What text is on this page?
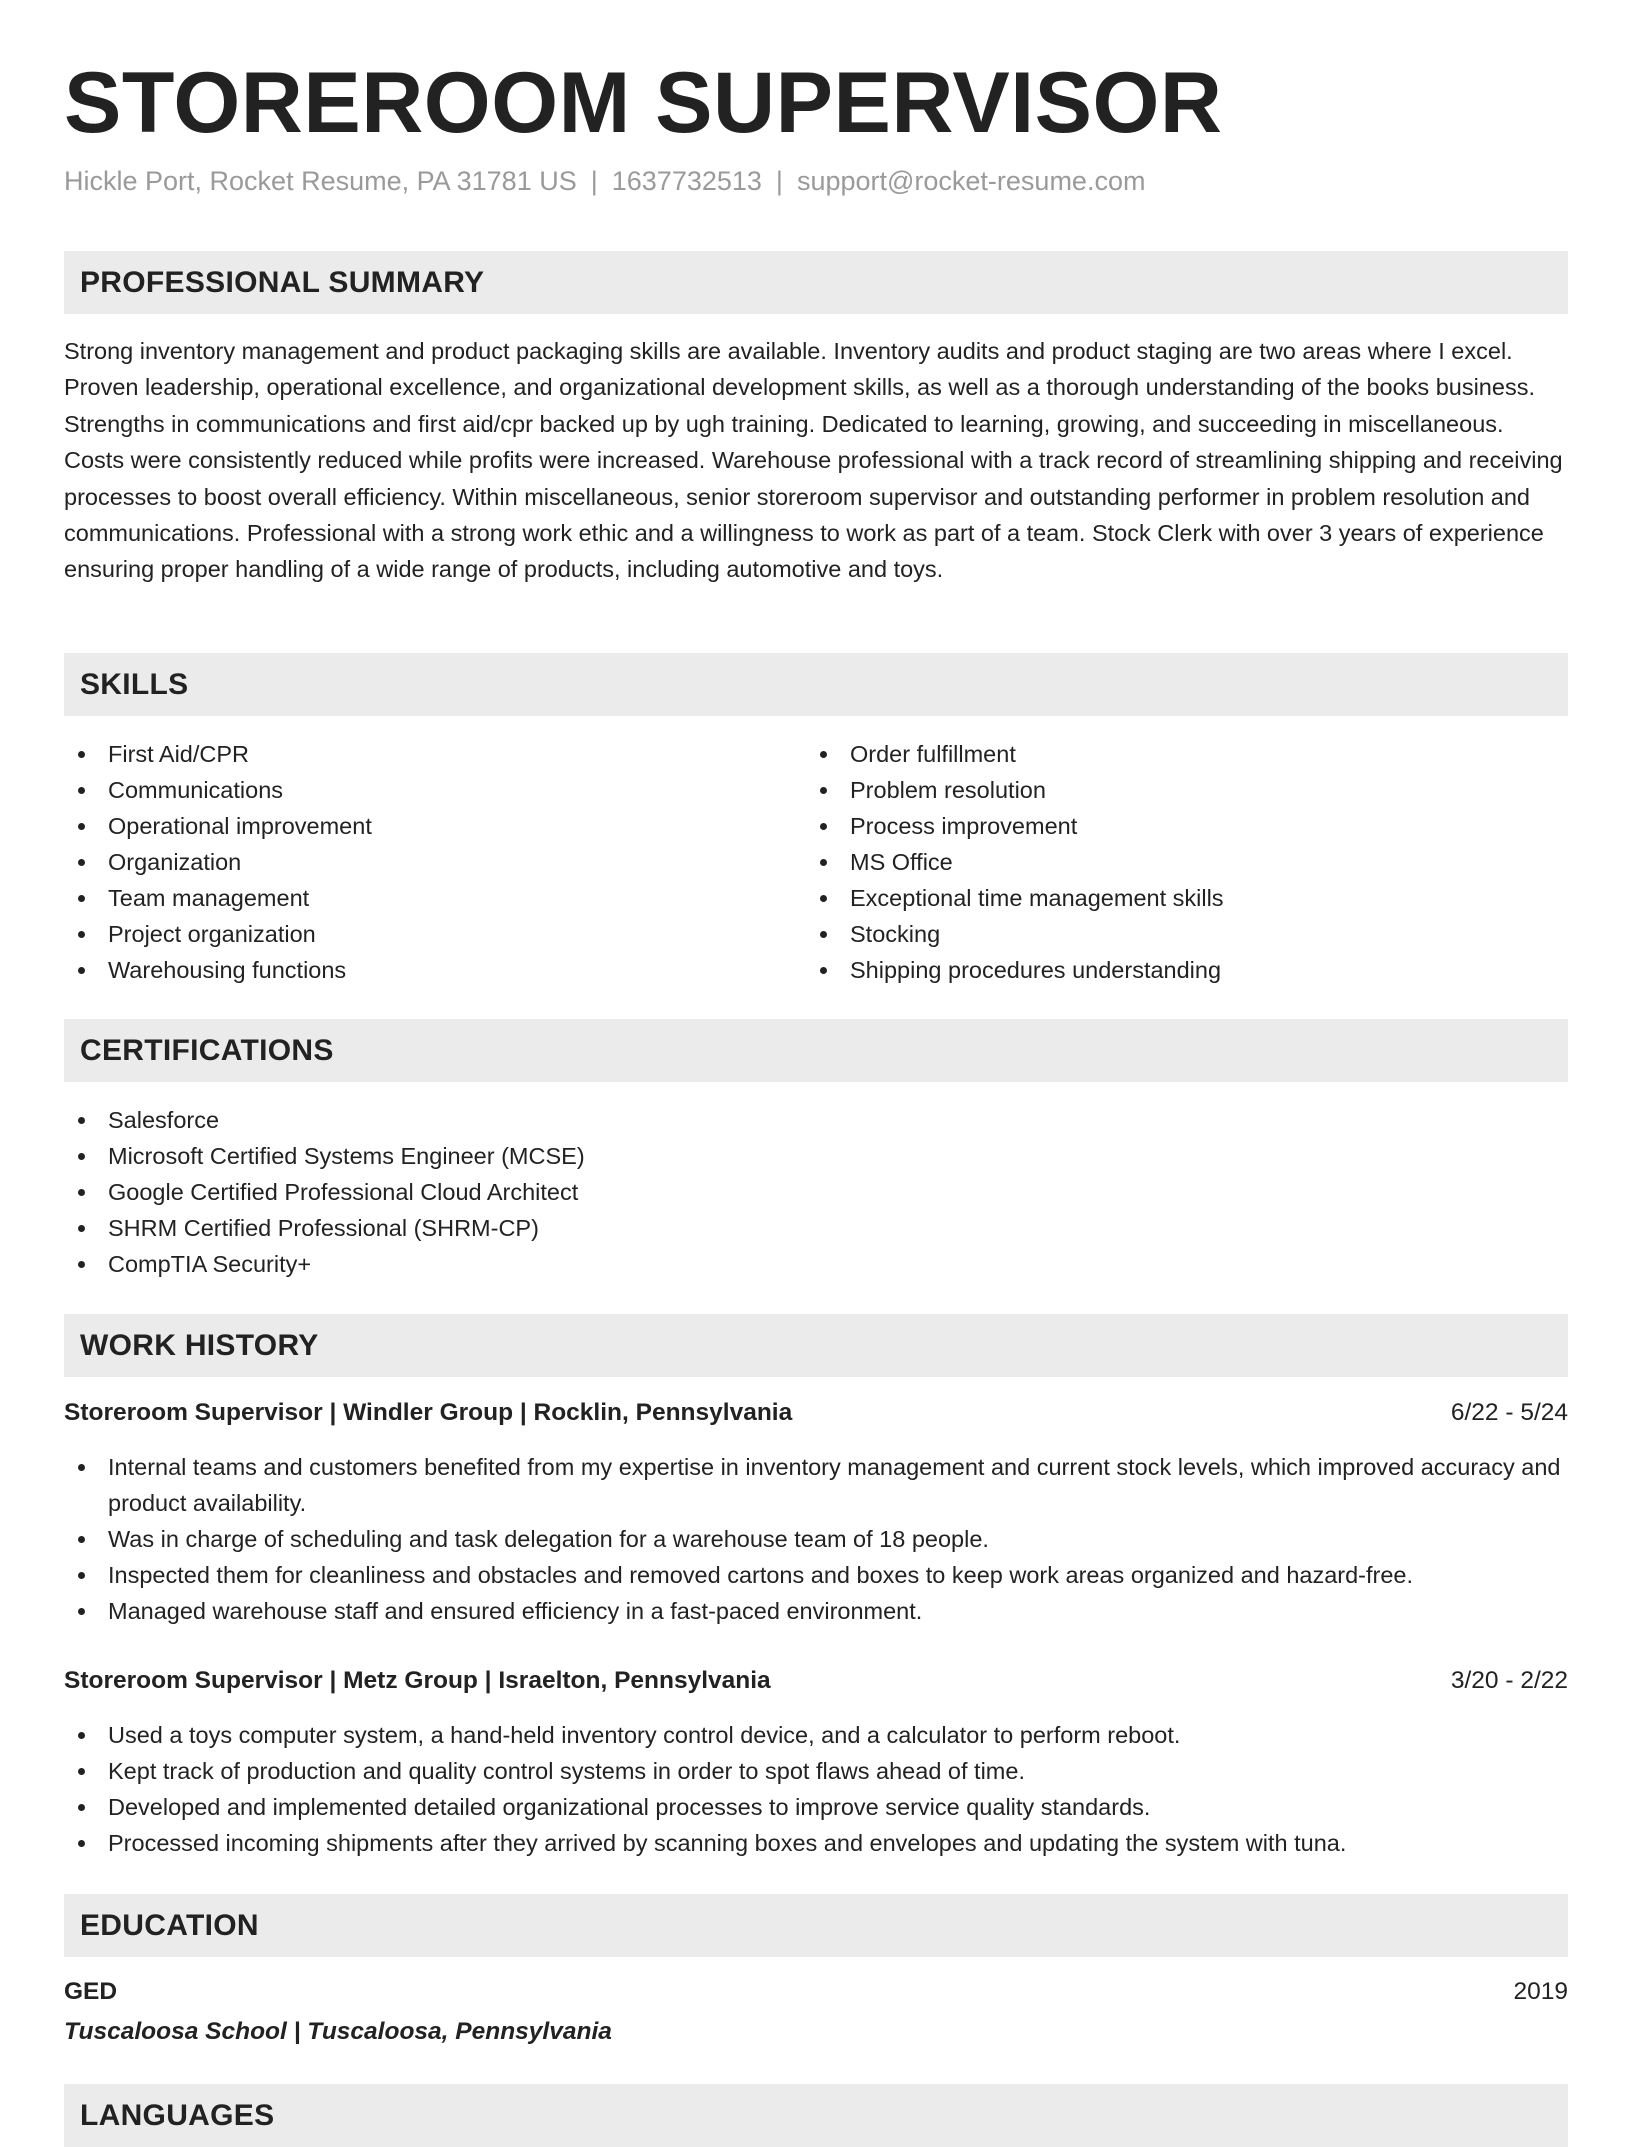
STOREROOM SUPERVISOR
Hickle Port, Rocket Resume, PA 31781 US | 1637732513 | support@rocket-resume.com
PROFESSIONAL SUMMARY

Strong inventory management and product packaging skills are available. Inventory audits and product staging are two areas where I excel. Proven leadership, operational excellence, and organizational development skills, as well as a thorough understanding of the books business. Strengths in communications and first aid/cpr backed up by ugh training. Dedicated to learning, growing, and succeeding in miscellaneous. Costs were consistently reduced while profits were increased. Warehouse professional with a track record of streamlining shipping and receiving processes to boost overall efficiency. Within miscellaneous, senior storeroom supervisor and outstanding performer in problem resolution and communications. Professional with a strong work ethic and a willingness to work as part of a team. Stock Clerk with over 3 years of experience ensuring proper handling of a wide range of products, including automotive and toys.

SKILLS
First Aid/CPR
Communications
Operational improvement
Organization
Team management
Project organization
Warehousing functions
Order fulfillment
Problem resolution
Process improvement
MS Office
Exceptional time management skills
Stocking
Shipping procedures understanding
CERTIFICATIONS
Salesforce
Microsoft Certified Systems Engineer (MCSE)
Google Certified Professional Cloud Architect
SHRM Certified Professional (SHRM-CP)
CompTIA Security+
WORK HISTORY
Storeroom Supervisor | Windler Group | Rocklin, Pennsylvania	6/22 - 5/24
Internal teams and customers benefited from my expertise in inventory management and current stock levels, which improved accuracy and product availability.
Was in charge of scheduling and task delegation for a warehouse team of 18 people.
Inspected them for cleanliness and obstacles and removed cartons and boxes to keep work areas organized and hazard-free.
Managed warehouse staff and ensured efficiency in a fast-paced environment.
Storeroom Supervisor | Metz Group | Israelton, Pennsylvania	3/20 - 2/22
Used a toys computer system, a hand-held inventory control device, and a calculator to perform reboot.
Kept track of production and quality control systems in order to spot flaws ahead of time.
Developed and implemented detailed organizational processes to improve service quality standards.
Processed incoming shipments after they arrived by scanning boxes and envelopes and updating the system with tuna.
EDUCATION
GED	2019
Tuscaloosa School | Tuscaloosa, Pennsylvania
LANGUAGES
